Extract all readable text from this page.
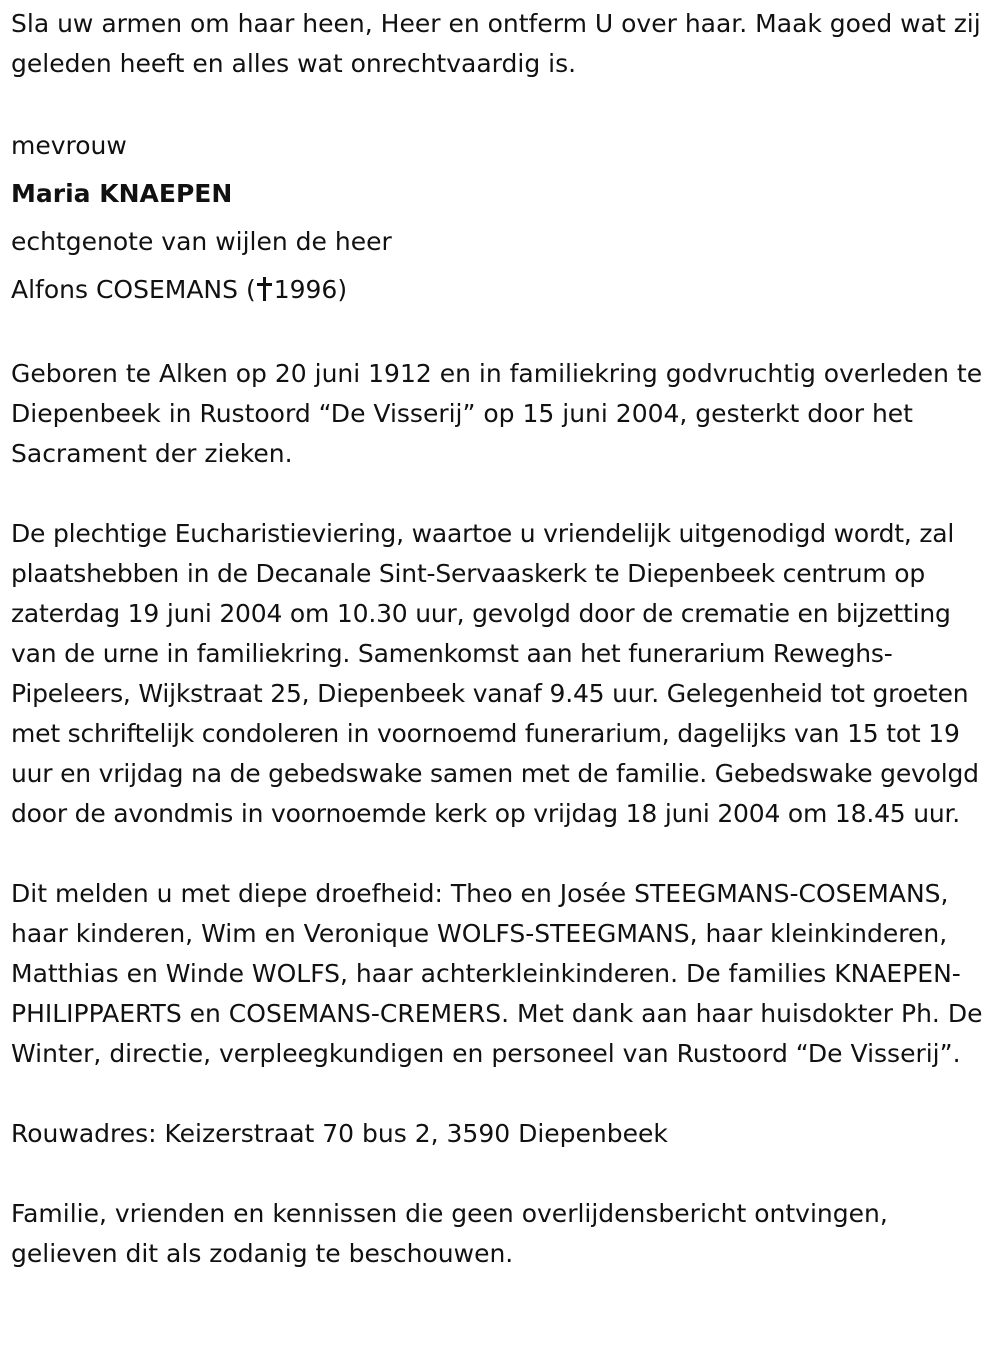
Sla uw armen om haar heen, Heer en ontferm U over haar. Maak goed wat zij geleden heeft en alles wat onrechtvaardig is.

mevrouw
Maria KNAEPEN
echtgenote van wijlen de heer
Alfons COSEMANS ( 1996)

Geboren te Alken op 20 juni 1912 en in familiekring godvruchtig overleden te Diepenbeek in Rustoord “De Visserij” op 15 juni 2004, gesterkt door het Sacrament der zieken.

De plechtige Eucharistieviering, waartoe u vriendelijk uitgenodigd wordt, zal plaatshebben in de Decanale Sint-Servaaskerk te Diepenbeek centrum op zaterdag 19 juni 2004 om 10.30 uur, gevolgd door de crematie en bijzetting van de urne in familiekring. Samenkomst aan het funerarium Reweghs-Pipeleers, Wijkstraat 25, Diepenbeek vanaf 9.45 uur. Gelegenheid tot groeten met schriftelijk condoleren in voornoemd funerarium, dagelijks van 15 tot 19 uur en vrijdag na de gebedswake samen met de familie. Gebedswake gevolgd door de avondmis in voornoemde kerk op vrijdag 18 juni 2004 om 18.45 uur.

Dit melden u met diepe droefheid: Theo en Josée STEEGMANS-COSEMANS, haar kinderen, Wim en Veronique WOLFS-STEEGMANS, haar kleinkinderen, Matthias en Winde WOLFS, haar achterkleinkinderen. De families KNAEPEN-PHILIPPAERTS en COSEMANS-CREMERS. Met dank aan haar huisdokter Ph. De Winter, directie, verpleegkundigen en personeel van Rustoord “De Visserij”.

Rouwadres: Keizerstraat 70 bus 2, 3590 Diepenbeek

Familie, vrienden en kennissen die geen overlijdensbericht ontvingen, gelieven dit als zodanig te beschouwen.
